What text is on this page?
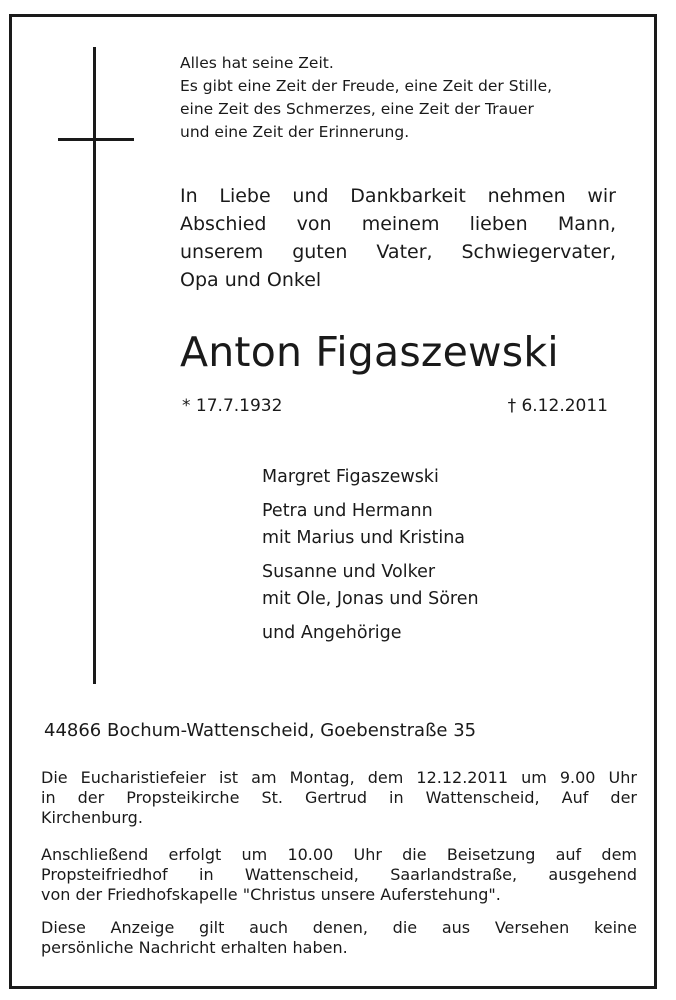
Alles hat seine Zeit.
Es gibt eine Zeit der Freude, eine Zeit der Stille,
eine Zeit des Schmerzes, eine Zeit der Trauer
und eine Zeit der Erinnerung.
In Liebe und Dankbarkeit nehmen wir
Abschied von meinem lieben Mann,
unserem guten Vater, Schwiegervater,
Opa und Onkel
Anton Figaszewski
* 17.7.1932	† 6.12.2011
Margret Figaszewski
Petra und Hermann
mit Marius und Kristina
Susanne und Volker
mit Ole, Jonas und Sören
und Angehörige
44866 Bochum-Wattenscheid, Goebenstraße 35
Die Eucharistiefeier ist am Montag, dem 12.12.2011 um 9.00 Uhr
in der Propsteikirche St. Gertrud in Wattenscheid, Auf der
Kirchenburg.
Anschließend erfolgt um 10.00 Uhr die Beisetzung auf dem
Propsteifriedhof in Wattenscheid, Saarlandstraße, ausgehend
von der Friedhofskapelle "Christus unsere Auferstehung".
Diese Anzeige gilt auch denen, die aus Versehen keine
persönliche Nachricht erhalten haben.
